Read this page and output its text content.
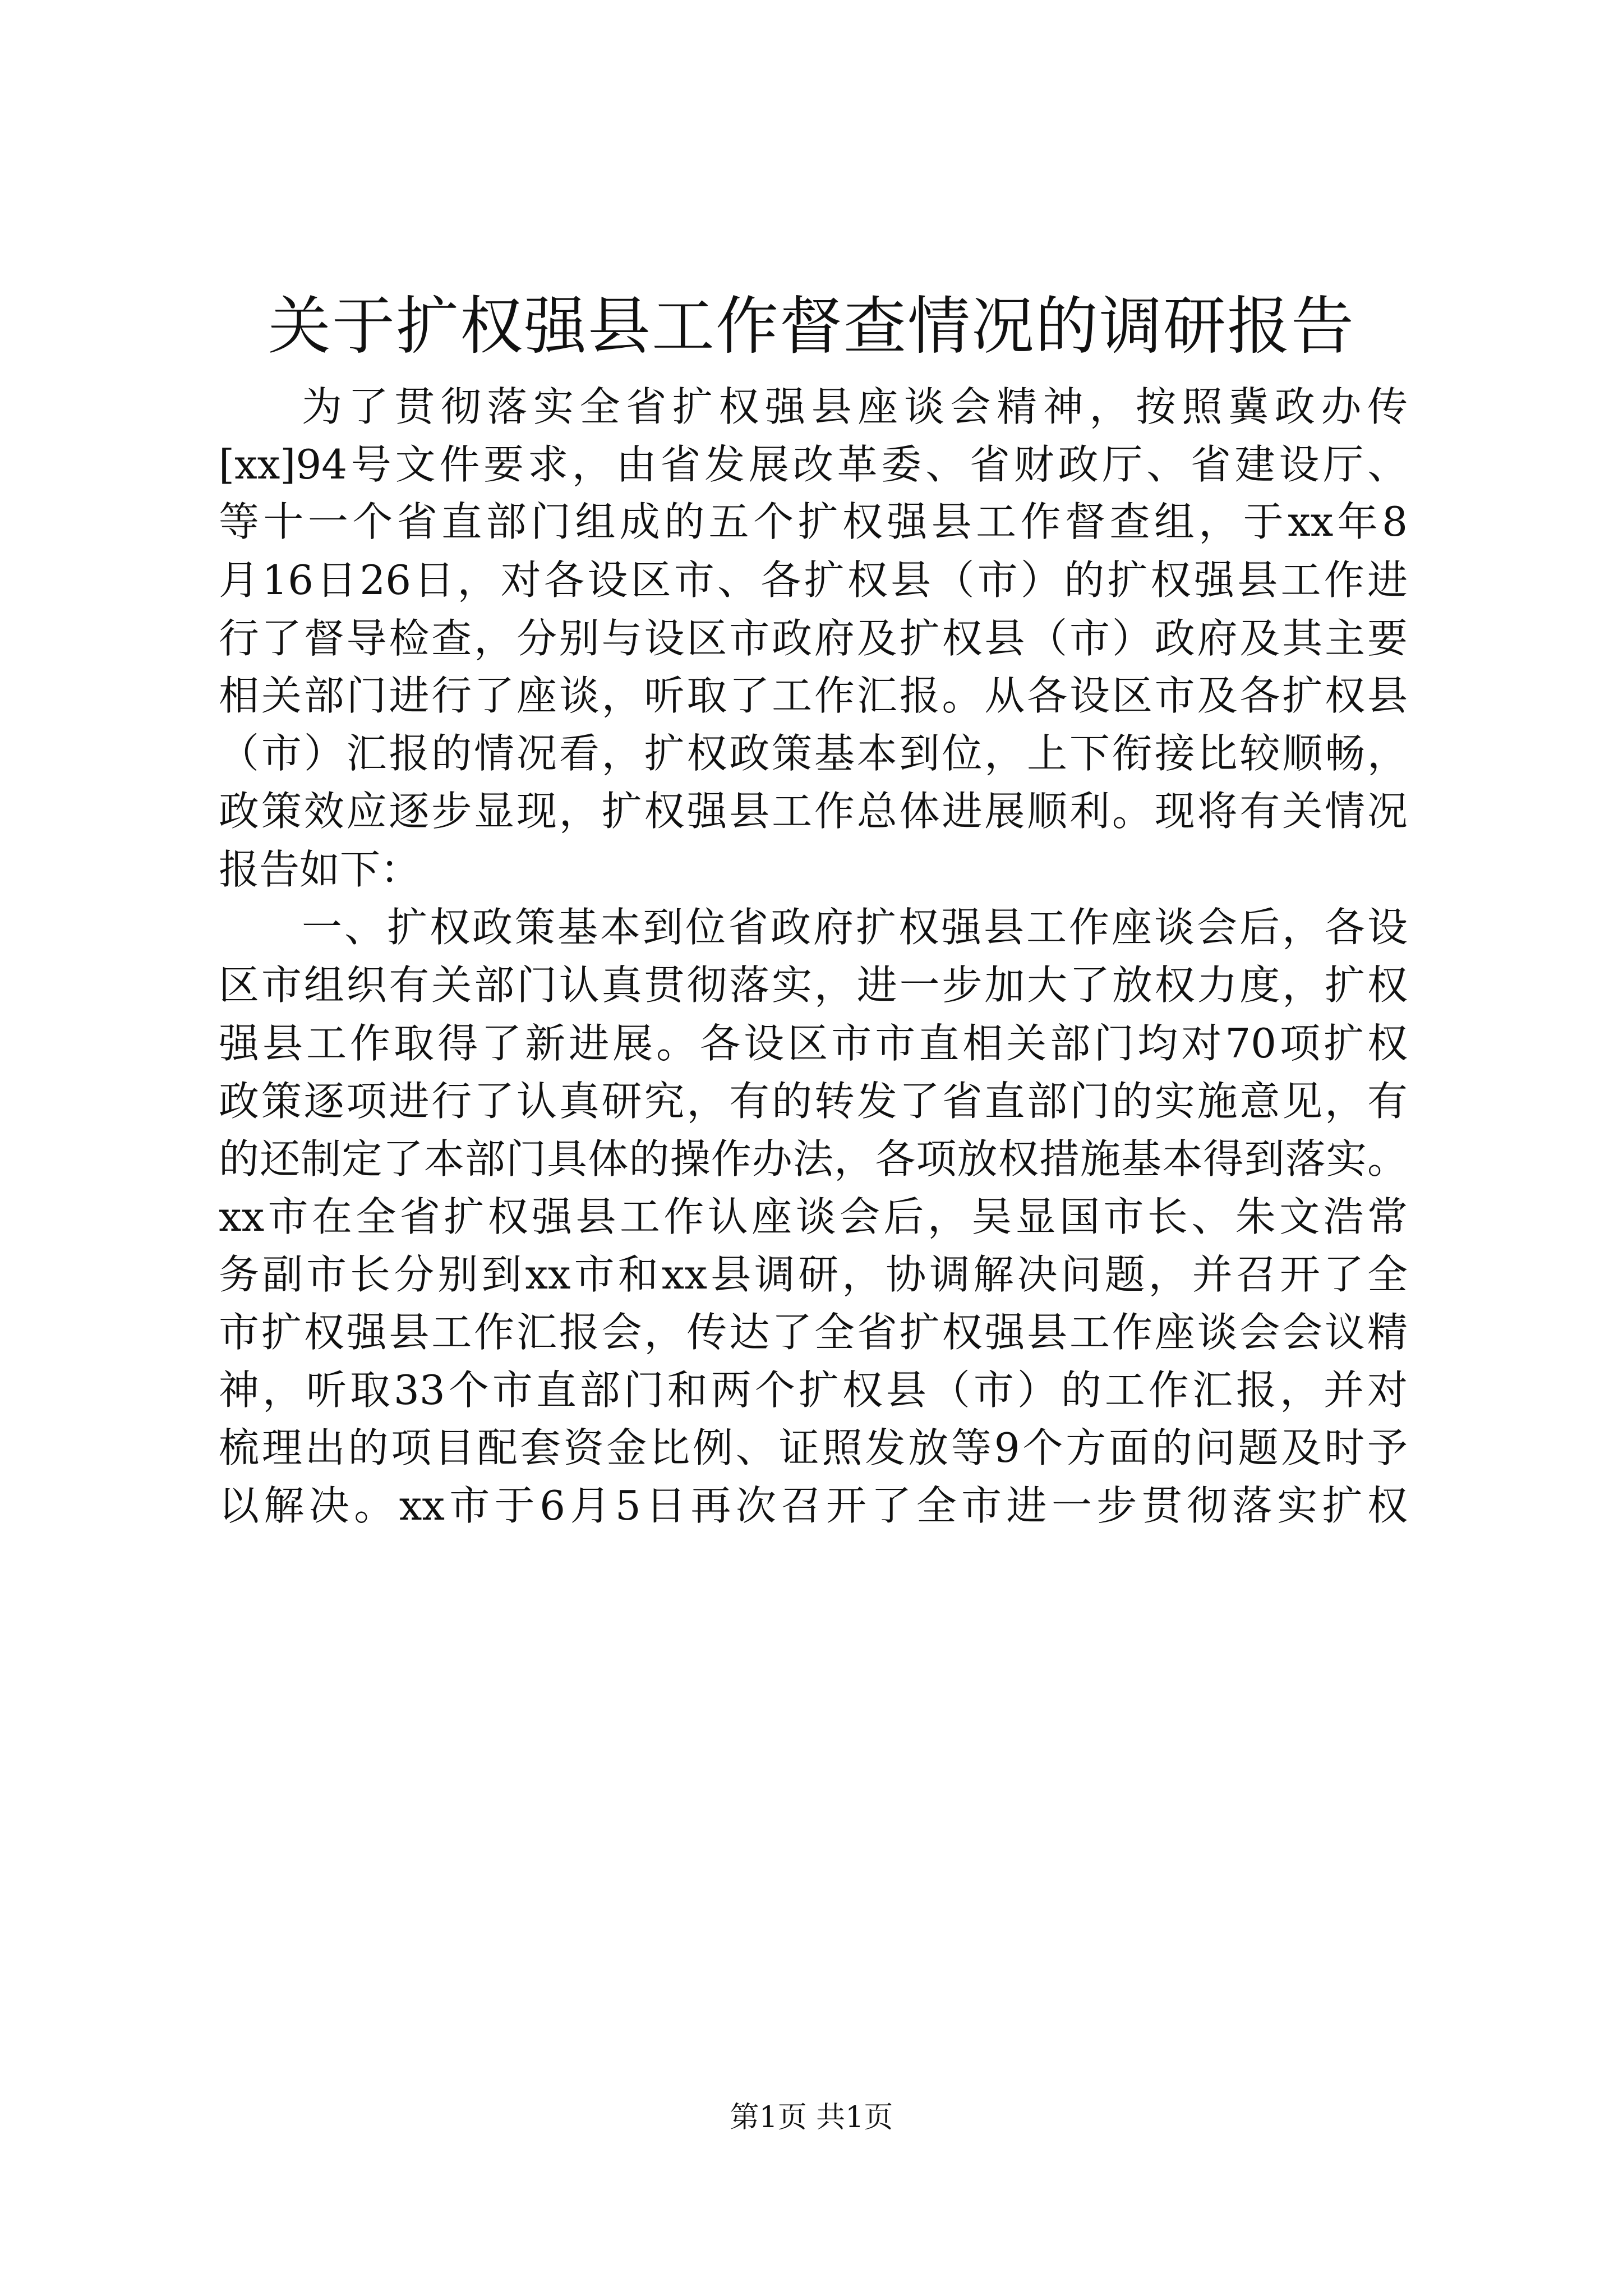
关于扩权强县工作督查情况的调研报告
为了贯彻落实全省扩权强县座谈会精神，按照冀政办传
[xx]94号文件要求，由省发展改革委、省财政厅、省建设厅、
等十一个省直部门组成的五个扩权强县工作督查组，于xx年8
月16日26日，对各设区市、各扩权县（市）的扩权强县工作进
行了督导检查，分别与设区市政府及扩权县（市）政府及其主要
相关部门进行了座谈，听取了工作汇报。从各设区市及各扩权县
（市）汇报的情况看，扩权政策基本到位，上下衔接比较顺畅，
政策效应逐步显现，扩权强县工作总体进展顺利。现将有关情况
报告如下：
一、扩权政策基本到位省政府扩权强县工作座谈会后，各设
区市组织有关部门认真贯彻落实，进一步加大了放权力度，扩权
强县工作取得了新进展。各设区市市直相关部门均对70项扩权
政策逐项进行了认真研究，有的转发了省直部门的实施意见，有
的还制定了本部门具体的操作办法，各项放权措施基本得到落实。
xx市在全省扩权强县工作认座谈会后，吴显国市长、朱文浩常
务副市长分别到xx市和xx县调研，协调解决问题，并召开了全
市扩权强县工作汇报会，传达了全省扩权强县工作座谈会会议精
神，听取33个市直部门和两个扩权县（市）的工作汇报，并对
梳理出的项目配套资金比例、证照发放等9个方面的问题及时予
以解决。xx市于6月5日再次召开了全市进一步贯彻落实扩权
第1页 共1页
